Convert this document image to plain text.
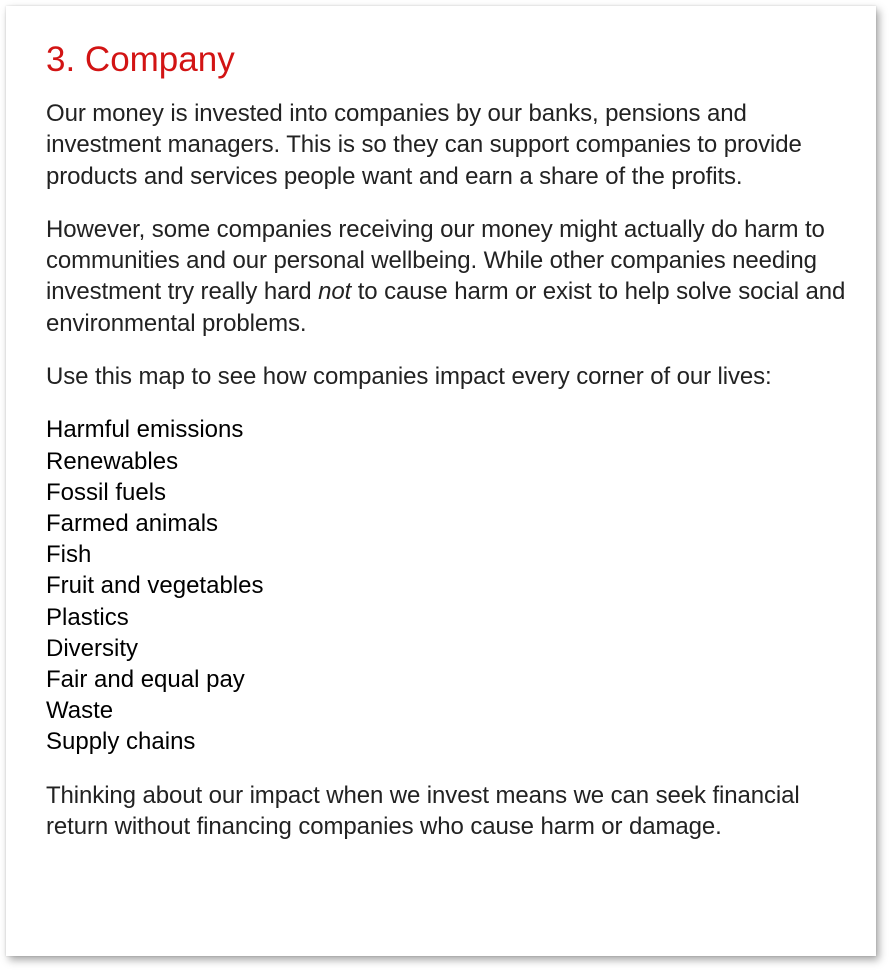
3. Company

Our money is invested into companies by our banks, pensions and investment managers. This is so they can support companies to provide products and services people want and earn a share of the profits.

However, some companies receiving our money might actually do harm to communities and our personal wellbeing. While other companies needing investment try really hard not to cause harm or exist to help solve social and environmental problems.

Use this map to see how companies impact every corner of our lives:

Harmful emissions
Renewables
Fossil fuels
Farmed animals
Fish
Fruit and vegetables
Plastics
Diversity
Fair and equal pay
Waste
Supply chains

Thinking about our impact when we invest means we can seek financial return without financing companies who cause harm or damage.
